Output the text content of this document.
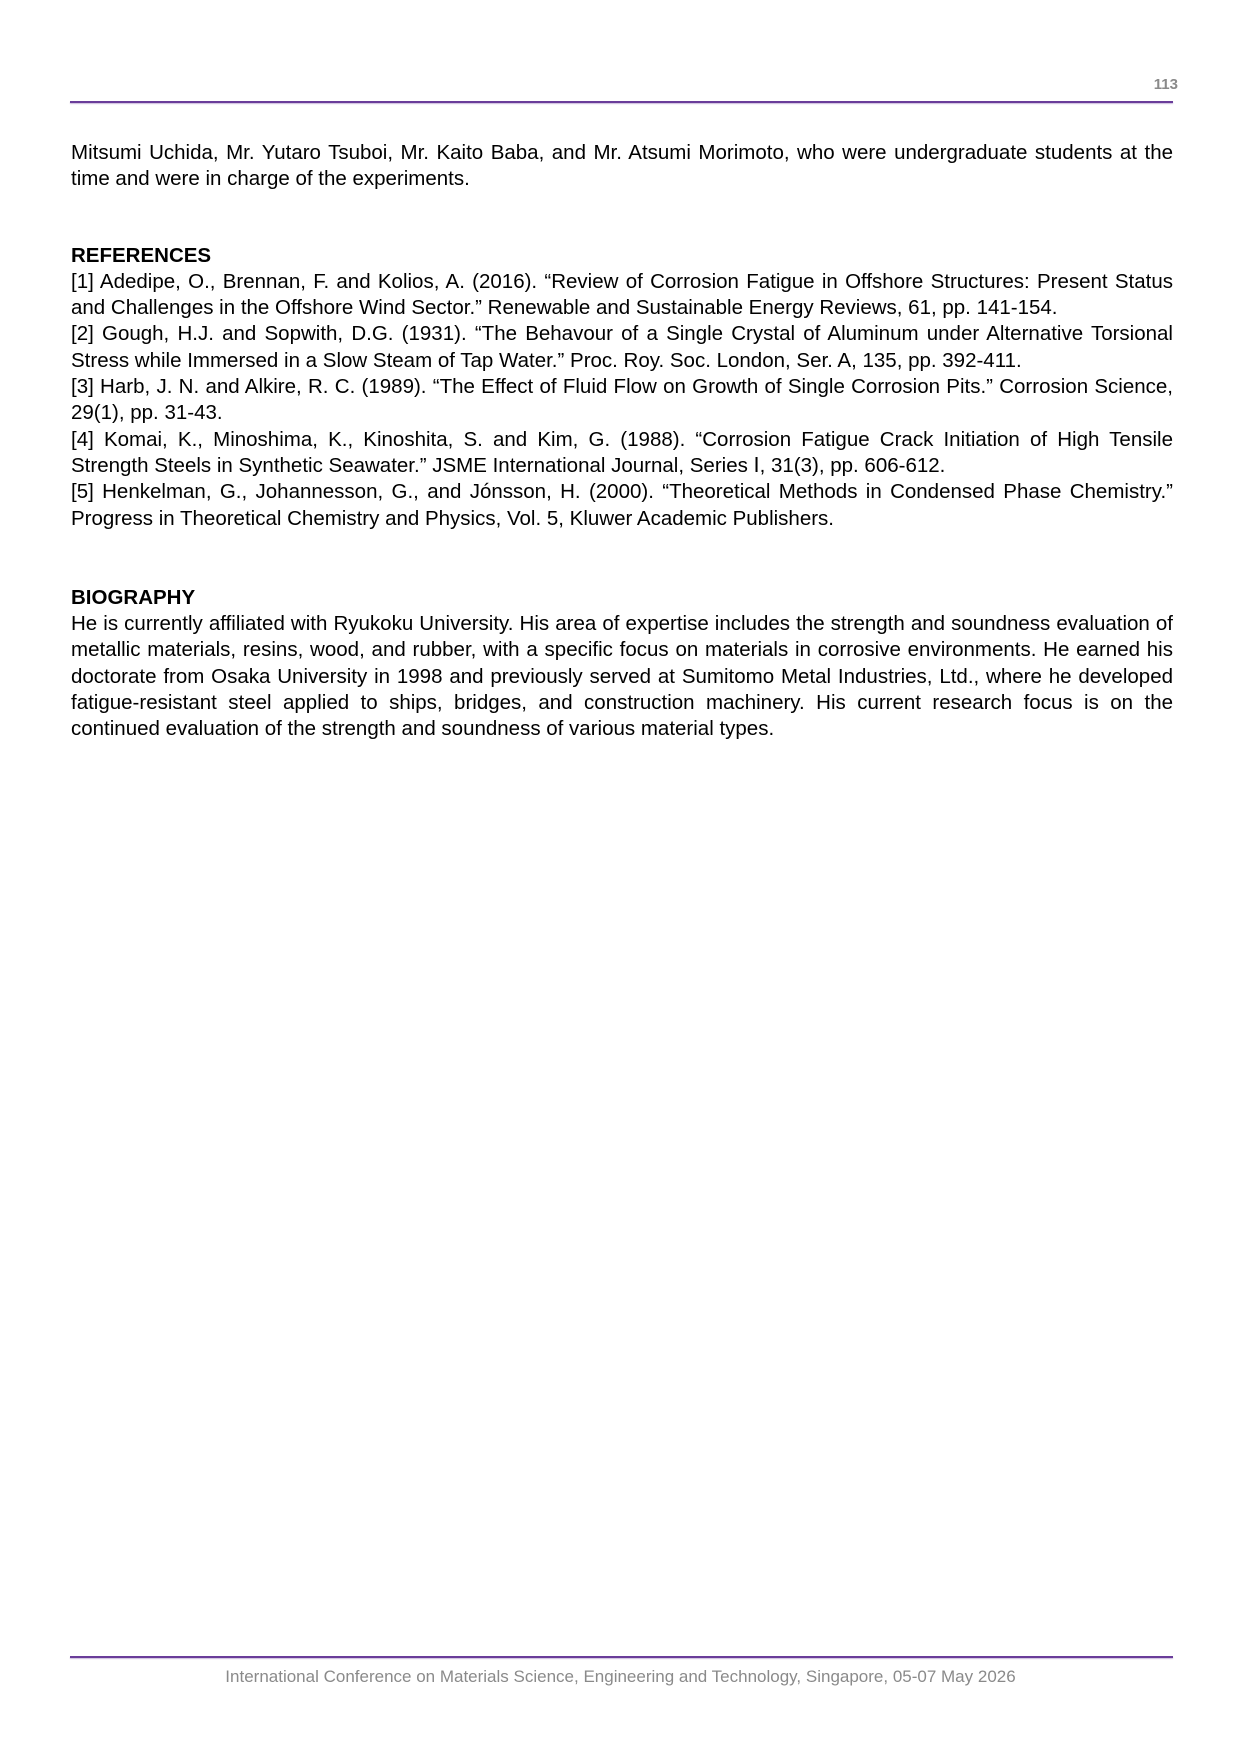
113

Mitsumi Uchida, Mr. Yutaro Tsuboi, Mr. Kaito Baba, and Mr. Atsumi Morimoto, who were undergraduate students at the time and were in charge of the experiments.

REFERENCES

[1] Adedipe, O., Brennan, F. and Kolios, A. (2016). “Review of Corrosion Fatigue in Offshore Structures: Present Status and Challenges in the Offshore Wind Sector.” Renewable and Sustainable Energy Reviews, 61, pp. 141-154.

[2] Gough, H.J. and Sopwith, D.G. (1931). “The Behavour of a Single Crystal of Aluminum under Alternative Torsional Stress while Immersed in a Slow Steam of Tap Water.” Proc. Roy. Soc. London, Ser. A, 135, pp. 392-411.

[3] Harb, J. N. and Alkire, R. C. (1989). “The Effect of Fluid Flow on Growth of Single Corrosion Pits.” Corrosion Science, 29(1), pp. 31-43.

[4] Komai, K., Minoshima, K., Kinoshita, S. and Kim, G. (1988). “Corrosion Fatigue Crack Initiation of High Tensile Strength Steels in Synthetic Seawater.” JSME International Journal, Series Ⅰ, 31(3), pp. 606-612.

[5] Henkelman, G., Johannesson, G., and Jónsson, H. (2000). “Theoretical Methods in Condensed Phase Chemistry.” Progress in Theoretical Chemistry and Physics, Vol. 5, Kluwer Academic Publishers.

BIOGRAPHY

He is currently affiliated with Ryukoku University. His area of expertise includes the strength and soundness evaluation of metallic materials, resins, wood, and rubber, with a specific focus on materials in corrosive environments. He earned his doctorate from Osaka University in 1998 and previously served at Sumitomo Metal Industries, Ltd., where he developed fatigue-resistant steel applied to ships, bridges, and construction machinery. His current research focus is on the continued evaluation of the strength and soundness of various material types.

International Conference on Materials Science, Engineering and Technology, Singapore, 05-07 May 2026
